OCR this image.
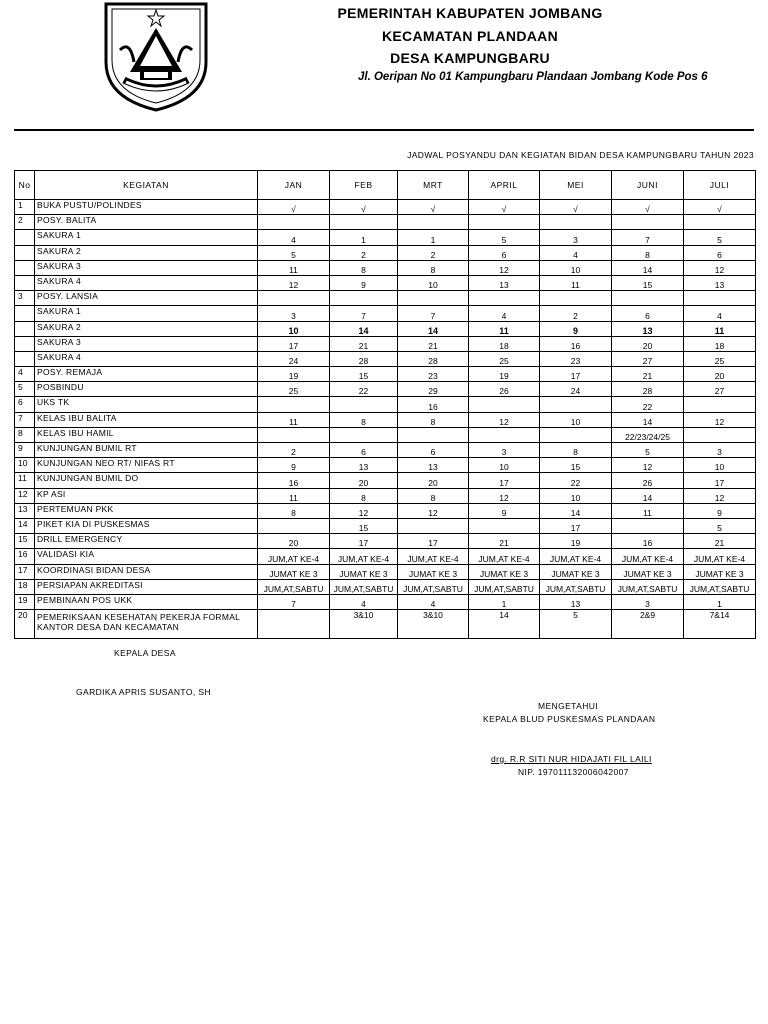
PEMERINTAH KABUPATEN JOMBANG
KECAMATAN PLANDAAN
DESA KAMPUNGBARU
Jl. Oeripan No 01 Kampungbaru Plandaan Jombang Kode Pos 6
JADWAL POSYANDU DAN KEGIATAN BIDAN DESA KAMPUNGBARU TAHUN 2023
No	KEGIATAN	JAN	FEB	MRT	APRIL	MEI	JUNI	JULI
1	BUKA PUSTU/POLINDES	√	√	√	√	√	√	√
2	POSY. BALITA							
	SAKURA 1	4	1	1	5	3	7	5
	SAKURA 2	5	2	2	6	4	8	6
	SAKURA 3	11	8	8	12	10	14	12
	SAKURA 4	12	9	10	13	11	15	13
3	POSY. LANSIA							
	SAKURA 1	3	7	7	4	2	6	4
	SAKURA 2	10	14	14	11	9	13	11
	SAKURA 3	17	21	21	18	16	20	18
	SAKURA 4	24	28	28	25	23	27	25
4	POSY. REMAJA	19	15	23	19	17	21	20
5	POSBINDU	25	22	29	26	24	28	27
6	UKS TK			16			22	
7	KELAS IBU BALITA	11	8	8	12	10	14	12
8	KELAS IBU HAMIL						22/23/24/25	
9	KUNJUNGAN BUMIL RT	2	6	6	3	8	5	3
10	KUNJUNGAN NEO RT/ NIFAS RT	9	13	13	10	15	12	10
11	KUNJUNGAN BUMIL DO	16	20	20	17	22	26	17
12	KP ASI	11	8	8	12	10	14	12
13	PERTEMUAN PKK	8	12	12	9	14	11	9
14	PIKET KIA DI PUSKESMAS		15			17		5
15	DRILL EMERGENCY	20	17	17	21	19	16	21
16	VALIDASI KIA	JUM,AT KE-4	JUM,AT KE-4	JUM,AT KE-4	JUM,AT KE-4	JUM,AT KE-4	JUM,AT KE-4	JUM,AT KE-4
17	KOORDINASI BIDAN DESA	JUMAT KE 3	JUMAT KE 3	JUMAT KE 3	JUMAT KE 3	JUMAT KE 3	JUMAT KE 3	JUMAT KE 3
18	PERSIAPAN AKREDITASI	JUM,AT,SABTU	JUM,AT,SABTU	JUM,AT,SABTU	JUM,AT,SABTU	JUM,AT,SABTU	JUM,AT,SABTU	JUM,AT,SABTU
19	PEMBINAAN POS UKK	7	4	4	1	13	3	1
20	PEMERIKSAAN KESEHATAN PEKERJA FORMAL KANTOR DESA DAN KECAMATAN		3&10	3&10	14	5	2&9	7&14
KEPALA DESA
GARDIKA APRIS SUSANTO, SH
MENGETAHUI
KEPALA BLUD PUSKESMAS PLANDAAN
drg. R.R SITI NUR HIDAJATI FIL LAILI
NIP. 197011132006042007
